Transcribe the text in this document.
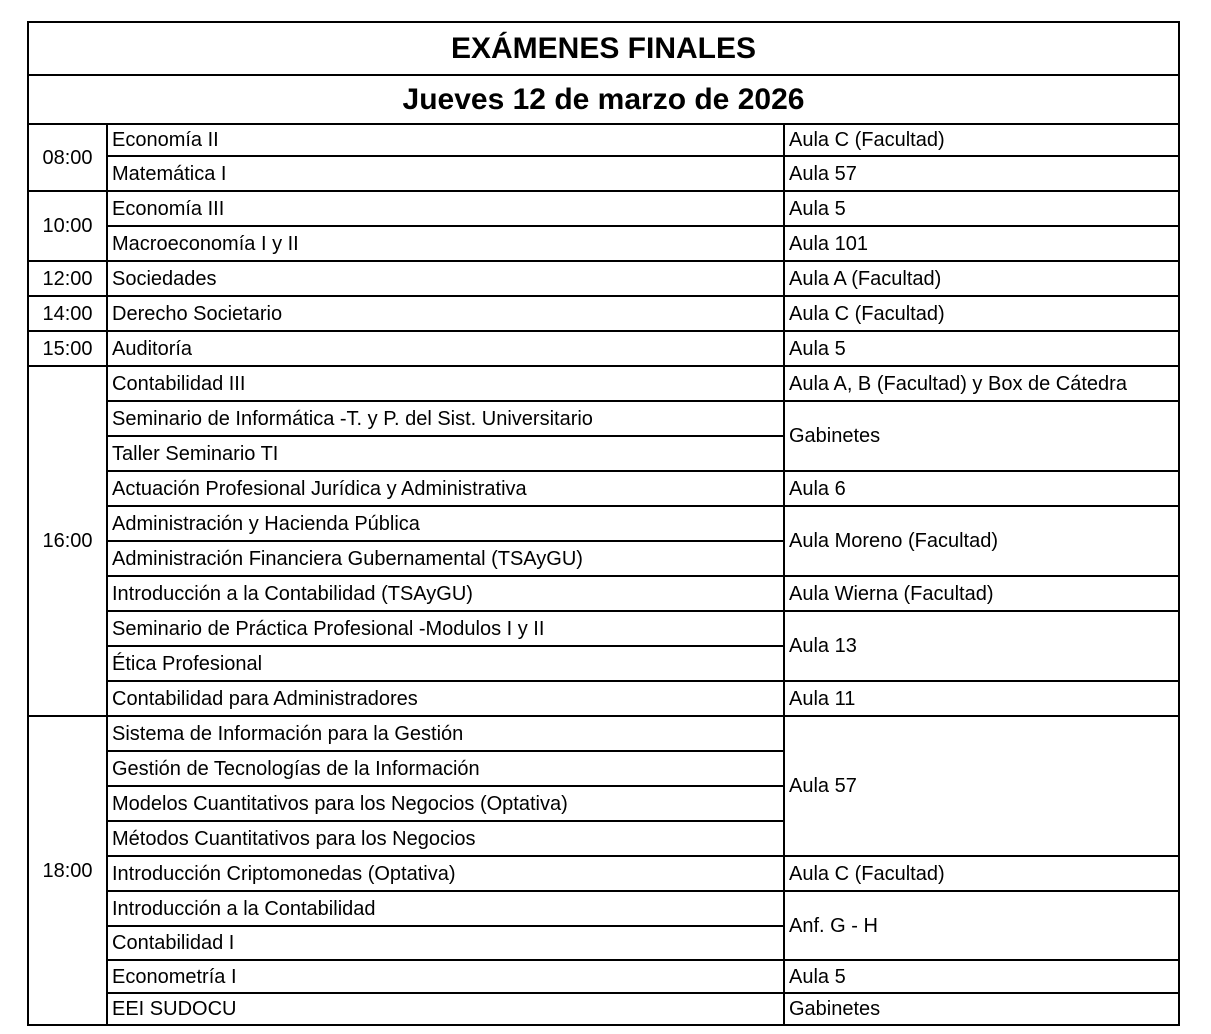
EXÁMENES FINALES		
Jueves 12 de marzo de 2026		
08:00	Economía II	Aula C (Facultad)
	Matemática I	Aula 57
10:00	Economía III	Aula 5
	Macroeconomía I y II	Aula 101
12:00	Sociedades	Aula A (Facultad)
14:00	Derecho Societario	Aula C (Facultad)
15:00	Auditoría	Aula 5
16:00	Contabilidad III	Aula A, B (Facultad) y Box de Cátedra
	Seminario de Informática -T. y P. del Sist. Universitario	Gabinetes
	Taller Seminario TI	
	Actuación Profesional Jurídica y Administrativa	Aula 6
	Administración y Hacienda Pública	Aula Moreno (Facultad)
	Administración Financiera Gubernamental (TSAyGU)	
	Introducción a la Contabilidad (TSAyGU)	Aula Wierna (Facultad)
	Seminario de Práctica Profesional -Modulos I y II	Aula 13
	Ética Profesional	
	Contabilidad para Administradores	Aula 11
18:00	Sistema de Información para la Gestión	Aula 57
	Gestión de Tecnologías de la Información	
	Modelos Cuantitativos para los Negocios (Optativa)	
	Métodos Cuantitativos para los Negocios	
	Introducción Criptomonedas (Optativa)	Aula C (Facultad)
	Introducción a la Contabilidad	Anf. G - H
	Contabilidad I	
	Econometría I	Aula 5
	EEI SUDOCU	Gabinetes
